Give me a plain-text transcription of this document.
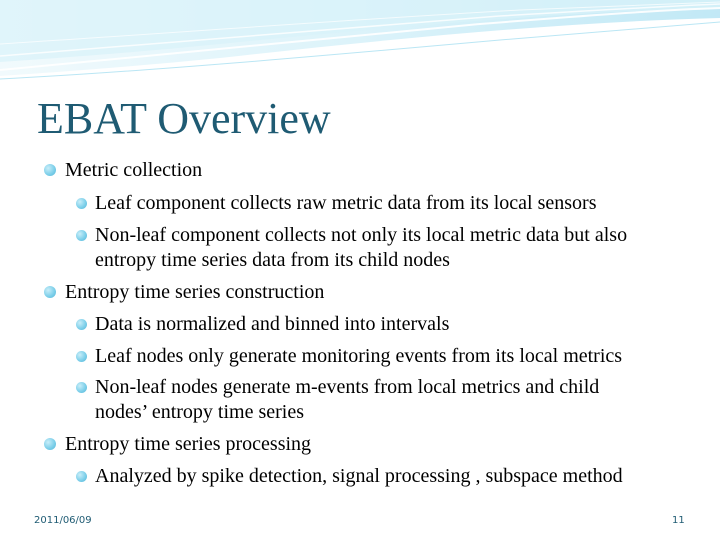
EBAT Overview
Metric collection
Leaf component collects raw metric data from its local sensors
Non-leaf component collects not only its local metric data but also
entropy time series data from its child nodes
Entropy time series construction
Data is normalized and binned into intervals
Leaf nodes only generate monitoring events from its local metrics
Non-leaf nodes generate m-events from local metrics and child
nodes’ entropy time series
Entropy time series processing
Analyzed by spike detection, signal processing , subspace method
2011/06/09	11
